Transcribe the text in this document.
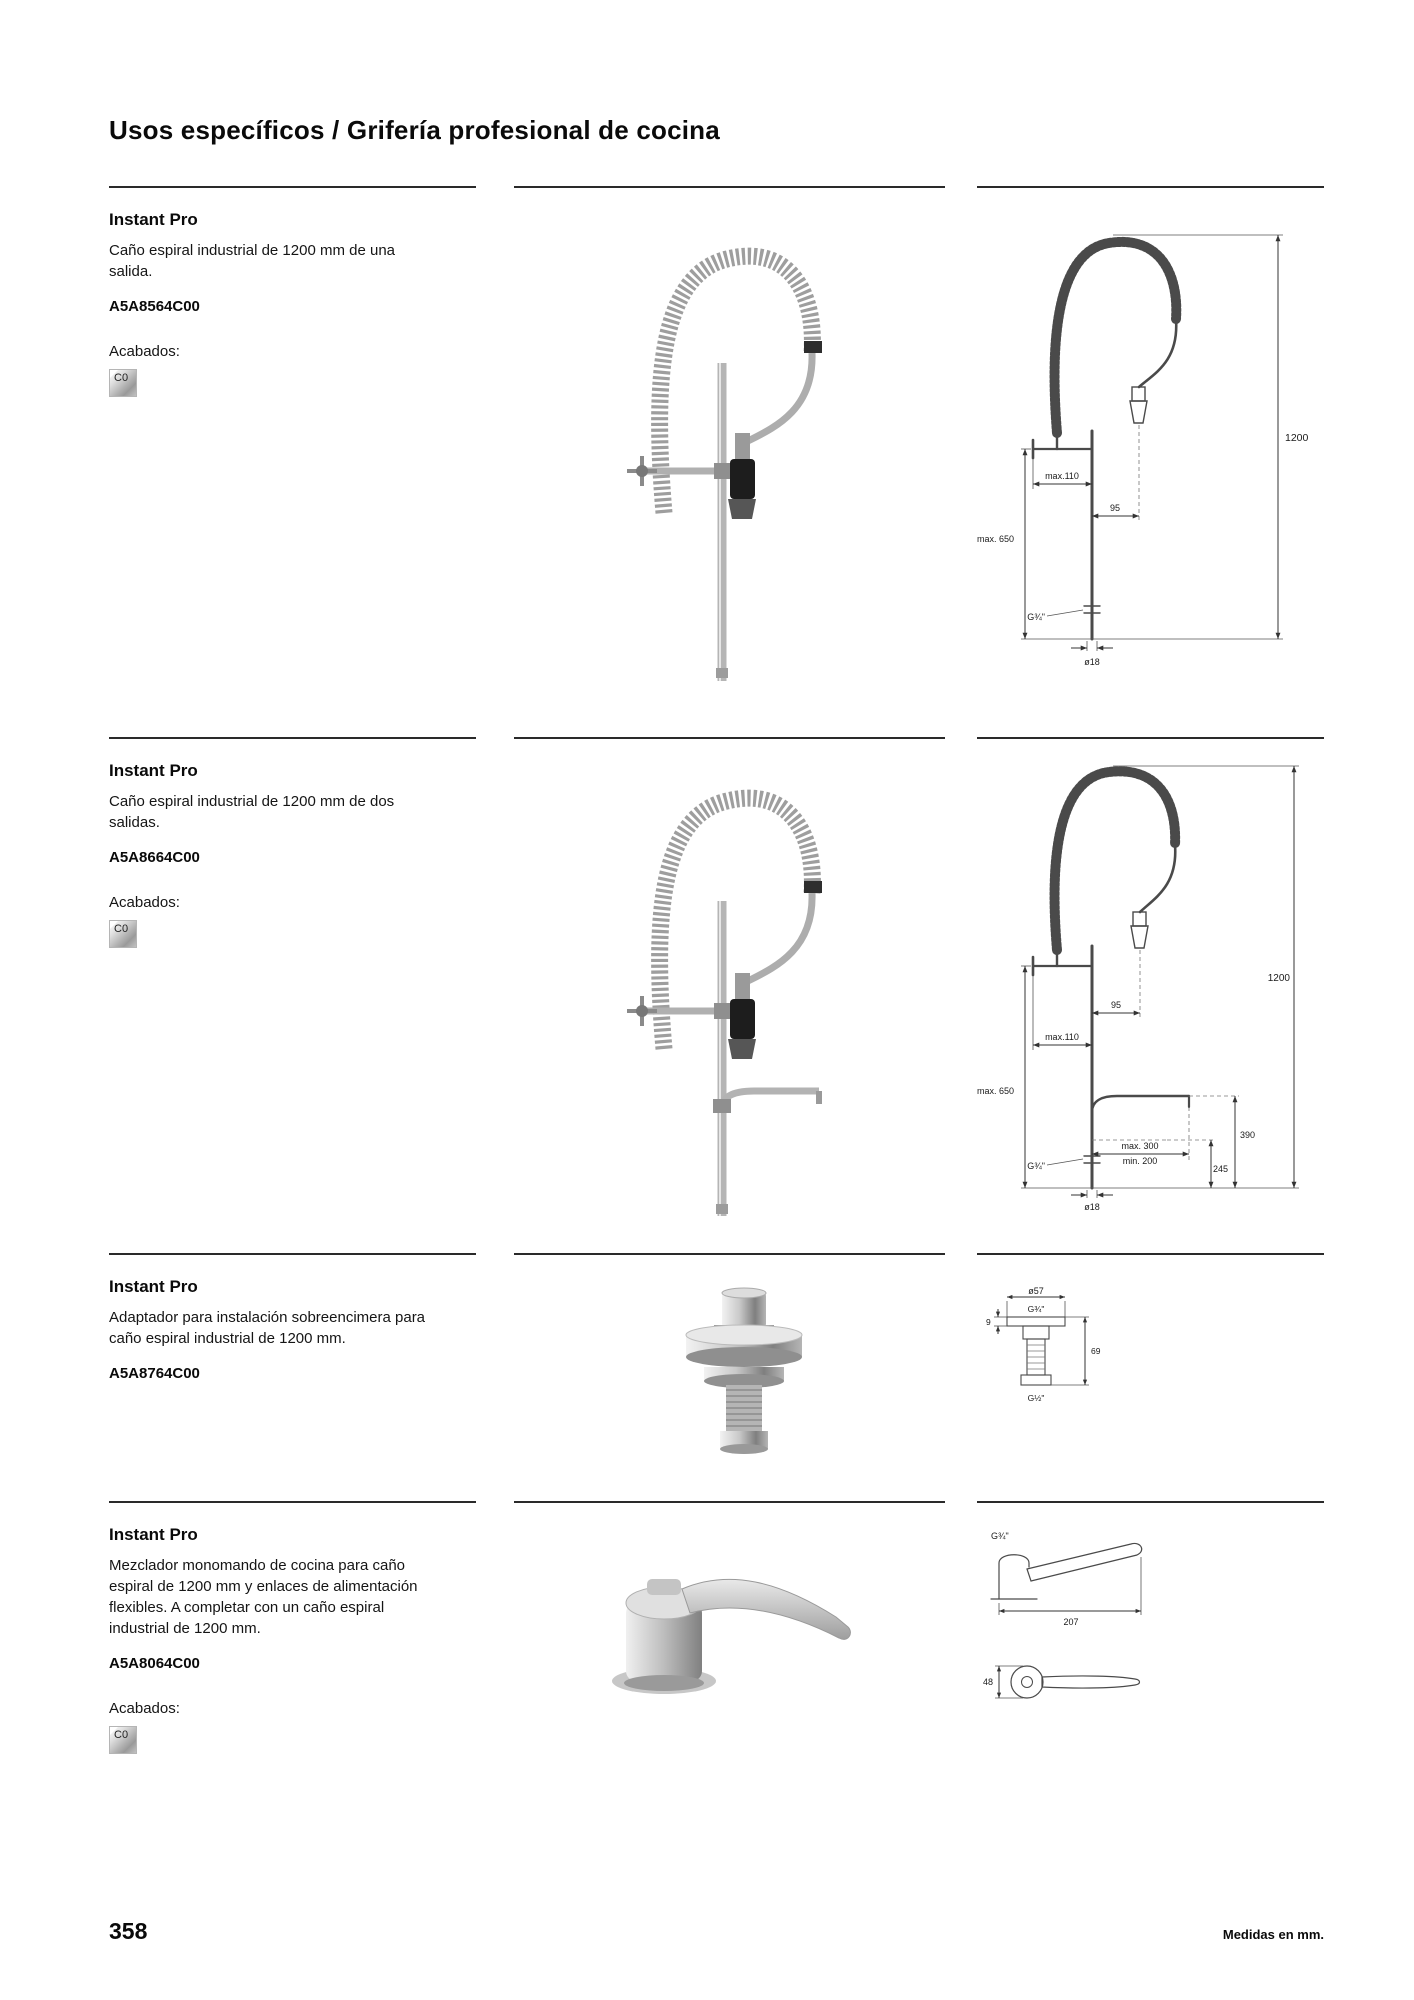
Usos específicos / Grifería profesional de cocina
Instant Pro
Caño espiral industrial de 1200 mm de una salida.
A5A8564C00
Acabados:
C0
1200
max. 650
max.110
95
G¾"
ø18
Instant Pro
Caño espiral industrial de 1200 mm de dos salidas.
A5A8664C00
Acabados:
C0
1200
95
max.110
max. 650
max. 300
min. 200
390
245
G¾"
ø18
Instant Pro
Adaptador para instalación sobreencimera para caño espiral industrial de 1200 mm.
A5A8764C00
ø57
G¾"
9
69
G½"
Instant Pro
Mezclador monomando de cocina para caño espiral de 1200 mm y enlaces de alimentación flexibles. A completar con un caño espiral industrial de 1200 mm.
A5A8064C00
Acabados:
C0
G¾"
207
48
358	Medidas en mm.
